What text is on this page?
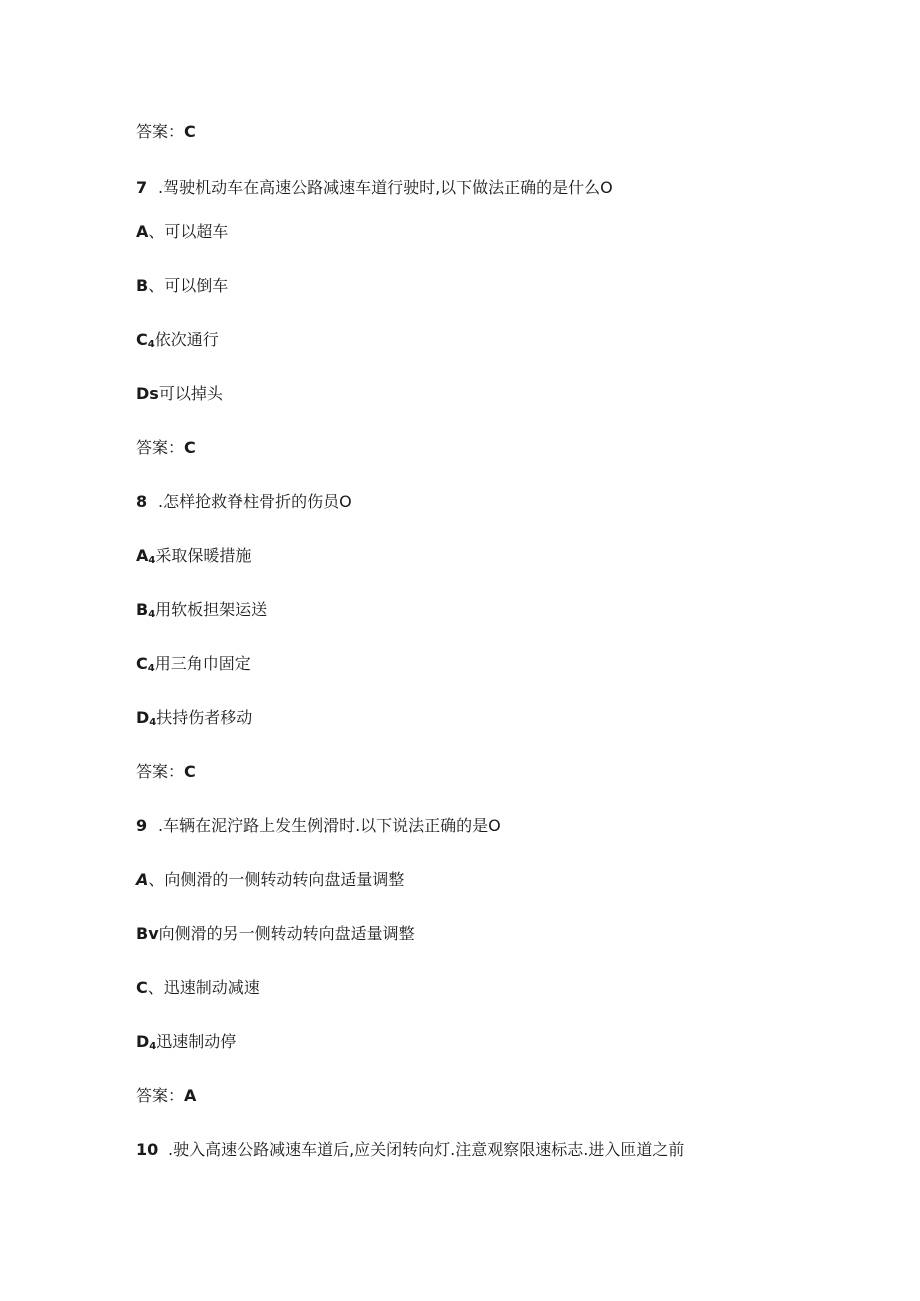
答案：C
7 .驾驶机动车在高速公路减速车道行驶时,以下做法正确的是什么O
A、可以超车
B、可以倒车
C4依次通行
Ds可以掉头
答案：C
8 .怎样抢救脊柱骨折的伤员O
A4采取保暖措施
B4用软板担架运送
C4用三角巾固定
D4扶持伤者移动
答案：C
9 .车辆在泥泞路上发生例滑时.以下说法正确的是O
A、向侧滑的一侧转动转向盘适量调整
Bv向侧滑的另一侧转动转向盘适量调整
C、迅速制动减速
D4迅速制动停
答案：A
10 .驶入高速公路减速车道后,应关闭转向灯.注意观察限速标志.进入匝道之前
